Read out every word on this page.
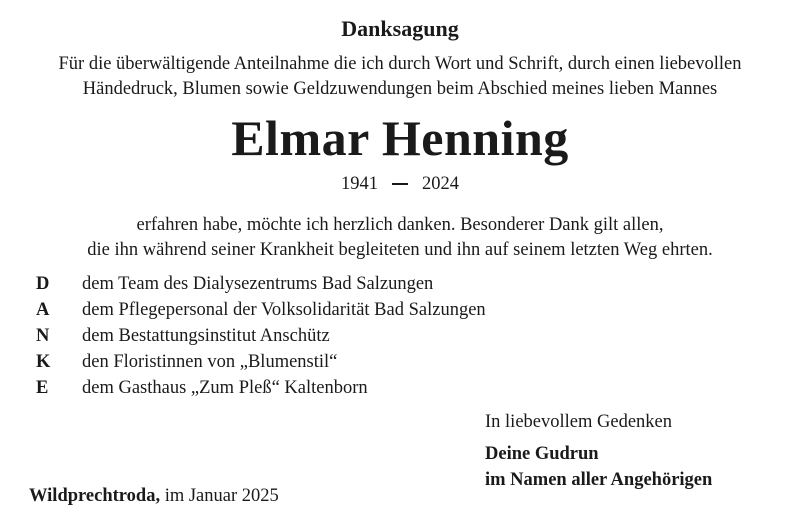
Danksagung
Für die überwältigende Anteilnahme die ich durch Wort und Schrift, durch einen liebevollen
Händedruck, Blumen sowie Geldzuwendungen beim Abschied meines lieben Mannes
Elmar Henning
1941 2024
erfahren habe, möchte ich herzlich danken. Besonderer Dank gilt allen,
die ihn während seiner Krankheit begleiteten und ihn auf seinem letzten Weg ehrten.
D dem Team des Dialysezentrums Bad Salzungen
A dem Pflegepersonal der Volksolidarität Bad Salzungen
N dem Bestattungsinstitut Anschütz
K den Floristinnen von „Blumenstil“
E dem Gasthaus „Zum Pleß“ Kaltenborn
In liebevollem Gedenken
Deine Gudrun
im Namen aller Angehörigen
Wildprechtroda, im Januar 2025
